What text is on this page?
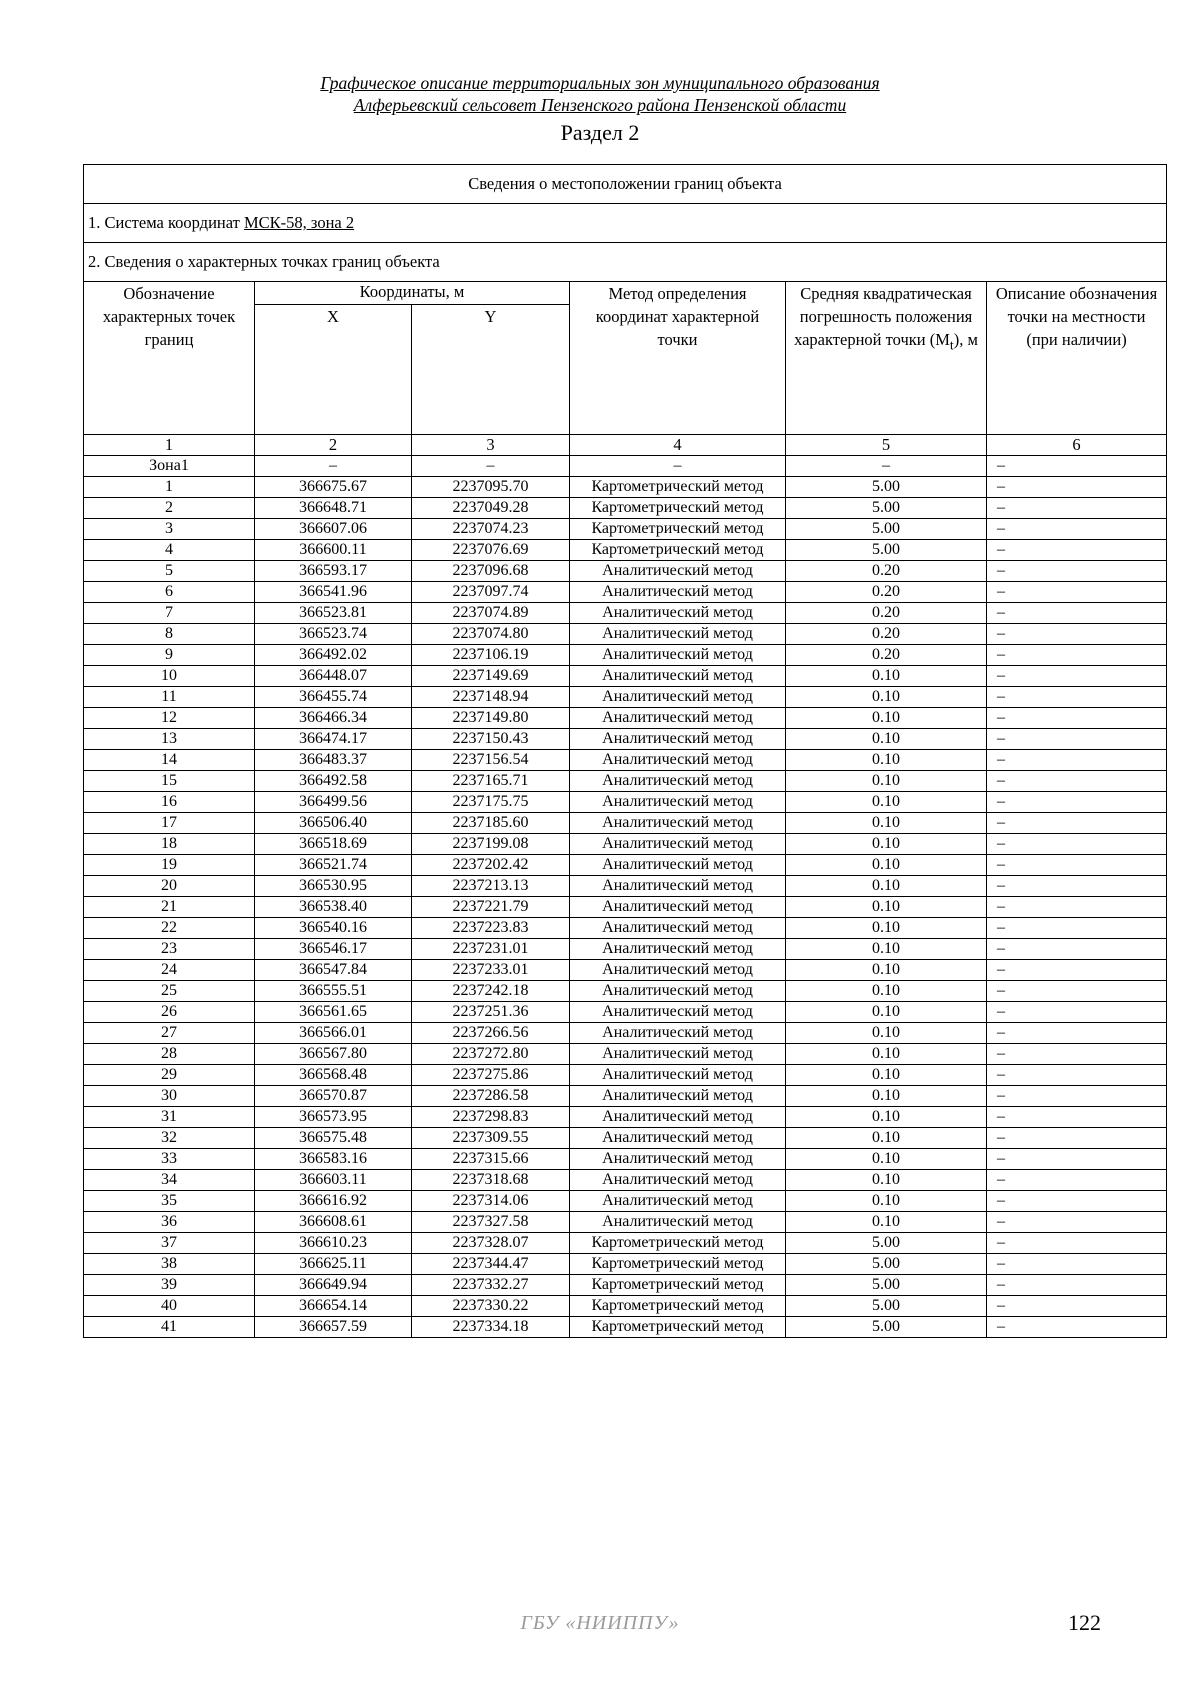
Графическое описание территориальных зон муниципального образования
Алферьевский сельсовет Пензенского района Пензенской области
Раздел 2
Сведения о местоположении границ объекта					
1. Система координат МСК-58, зона 2					
2. Сведения о характерных точках границ объекта					
Обозначение характерных точек границ	Координаты, м		Метод определения координат характерной точки	Средняя квадратическая погрешность положения характерной точки $(M_t)$, м	Описание обозначения точки на местности (при наличии)
	X	Y			
1	2	3	4	5	6
Зона1	–	–	–	–	–
1	366675.67	2237095.70	Картометрический метод	5.00	–
2	366648.71	2237049.28	Картометрический метод	5.00	–
3	366607.06	2237074.23	Картометрический метод	5.00	–
4	366600.11	2237076.69	Картометрический метод	5.00	–
5	366593.17	2237096.68	Аналитический метод	0.20	–
6	366541.96	2237097.74	Аналитический метод	0.20	–
7	366523.81	2237074.89	Аналитический метод	0.20	–
8	366523.74	2237074.80	Аналитический метод	0.20	–
9	366492.02	2237106.19	Аналитический метод	0.20	–
10	366448.07	2237149.69	Аналитический метод	0.10	–
11	366455.74	2237148.94	Аналитический метод	0.10	–
12	366466.34	2237149.80	Аналитический метод	0.10	–
13	366474.17	2237150.43	Аналитический метод	0.10	–
14	366483.37	2237156.54	Аналитический метод	0.10	–
15	366492.58	2237165.71	Аналитический метод	0.10	–
16	366499.56	2237175.75	Аналитический метод	0.10	–
17	366506.40	2237185.60	Аналитический метод	0.10	–
18	366518.69	2237199.08	Аналитический метод	0.10	–
19	366521.74	2237202.42	Аналитический метод	0.10	–
20	366530.95	2237213.13	Аналитический метод	0.10	–
21	366538.40	2237221.79	Аналитический метод	0.10	–
22	366540.16	2237223.83	Аналитический метод	0.10	–
23	366546.17	2237231.01	Аналитический метод	0.10	–
24	366547.84	2237233.01	Аналитический метод	0.10	–
25	366555.51	2237242.18	Аналитический метод	0.10	–
26	366561.65	2237251.36	Аналитический метод	0.10	–
27	366566.01	2237266.56	Аналитический метод	0.10	–
28	366567.80	2237272.80	Аналитический метод	0.10	–
29	366568.48	2237275.86	Аналитический метод	0.10	–
30	366570.87	2237286.58	Аналитический метод	0.10	–
31	366573.95	2237298.83	Аналитический метод	0.10	–
32	366575.48	2237309.55	Аналитический метод	0.10	–
33	366583.16	2237315.66	Аналитический метод	0.10	–
34	366603.11	2237318.68	Аналитический метод	0.10	–
35	366616.92	2237314.06	Аналитический метод	0.10	–
36	366608.61	2237327.58	Аналитический метод	0.10	–
37	366610.23	2237328.07	Картометрический метод	5.00	–
38	366625.11	2237344.47	Картометрический метод	5.00	–
39	366649.94	2237332.27	Картометрический метод	5.00	–
40	366654.14	2237330.22	Картометрический метод	5.00	–
41	366657.59	2237334.18	Картометрический метод	5.00	–
ГБУ «НИИППУ»	122
